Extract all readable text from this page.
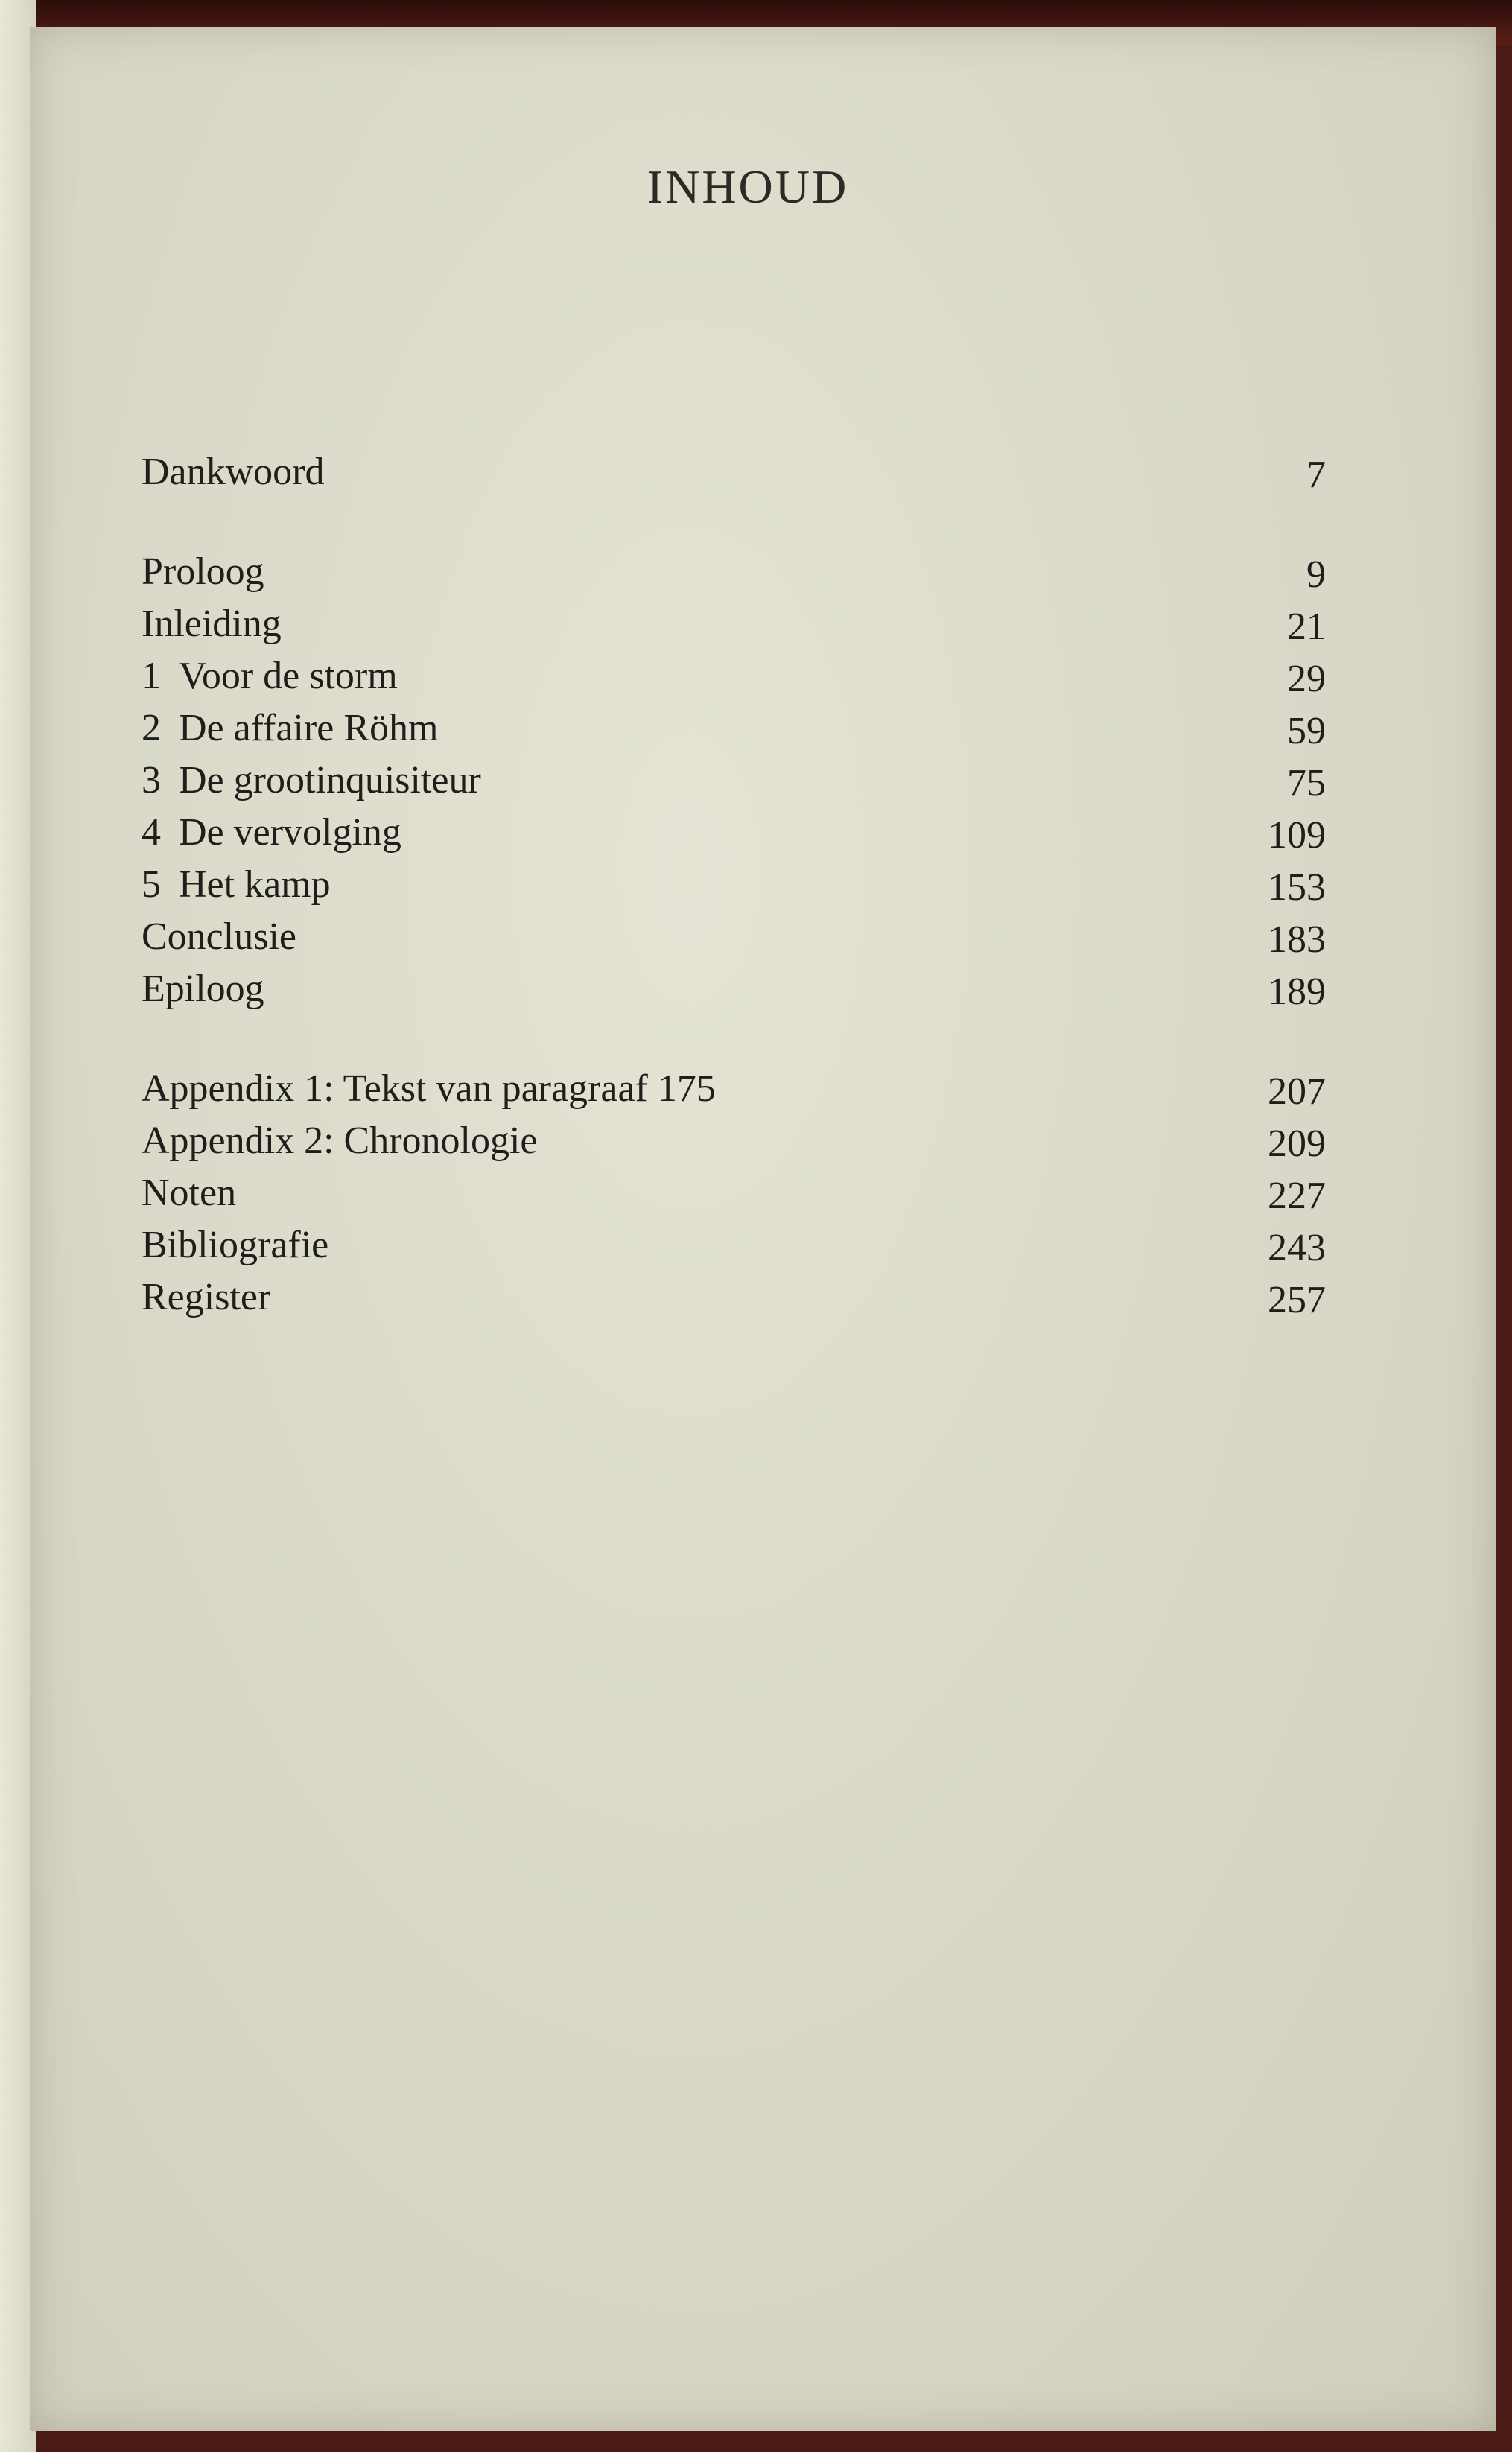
INHOUD
Dankwoord	7
Proloog	9
Inleiding	21
1 Voor de storm	29
2 De affaire Röhm	59
3 De grootinquisiteur	75
4 De vervolging	109
5 Het kamp	153
Conclusie	183
Epiloog	189
Appendix 1: Tekst van paragraaf 175	207
Appendix 2: Chronologie	209
Noten	227
Bibliografie	243
Register	257
